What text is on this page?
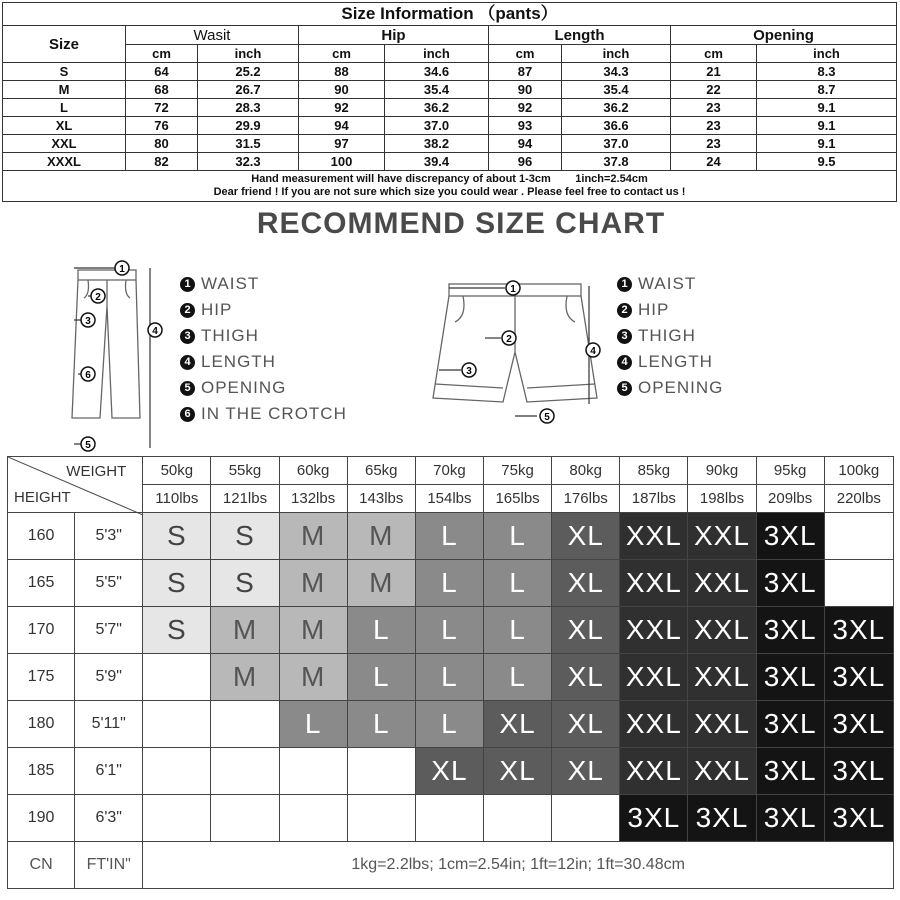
Size Information （pants）								
Size	Wasit		Hip		Length		Opening	
	cm	inch	cm	inch	cm	inch	cm	inch
S	64	25.2	88	34.6	87	34.3	21	8.3
M	68	26.7	90	35.4	90	35.4	22	8.7
L	72	28.3	92	36.2	92	36.2	23	9.1
XL	76	29.9	94	37.0	93	36.6	23	9.1
XXL	80	31.5	97	38.2	94	37.0	23	9.1
XXXL	82	32.3	100	39.4	96	37.8	24	9.5

Hand measurement will have discrepancy of about 1-3cm        1inch=2.54cm
Dear friend ! If you are not sure which size you could wear . Please feel free to contact us !								
RECOMMEND SIZE CHART
1
2
3
4
6
5
1 WAIST
2 HIP
3 THIGH
4 LENGTH
5 OPENING
6 IN THE CROTCH
1
2
3
4
5
1 WAIST
2 HIP
3 THIGH
4 LENGTH
5 OPENING
WEIGHT
HEIGHT		50kg	55kg	60kg	65kg	70kg	75kg	80kg	85kg	90kg	95kg	100kg
		110lbs	121lbs	132lbs	143lbs	154lbs	165lbs	176lbs	187lbs	198lbs	209lbs	220lbs
160	5'3"	S	S	M	M	L	L	XL	XXL	XXL	3XL	
165	5'5"	S	S	M	M	L	L	XL	XXL	XXL	3XL	
170	5'7"	S	M	M	L	L	L	XL	XXL	XXL	3XL	3XL
175	5'9"		M	M	L	L	L	XL	XXL	XXL	3XL	3XL
180	5'11"			L	L	L	XL	XL	XXL	XXL	3XL	3XL
185	6'1"					XL	XL	XL	XXL	XXL	3XL	3XL
190	6'3"								3XL	3XL	3XL	3XL
CN	FT'IN"	1kg=2.2lbs; 1cm=2.54in; 1ft=12in; 1ft=30.48cm										
